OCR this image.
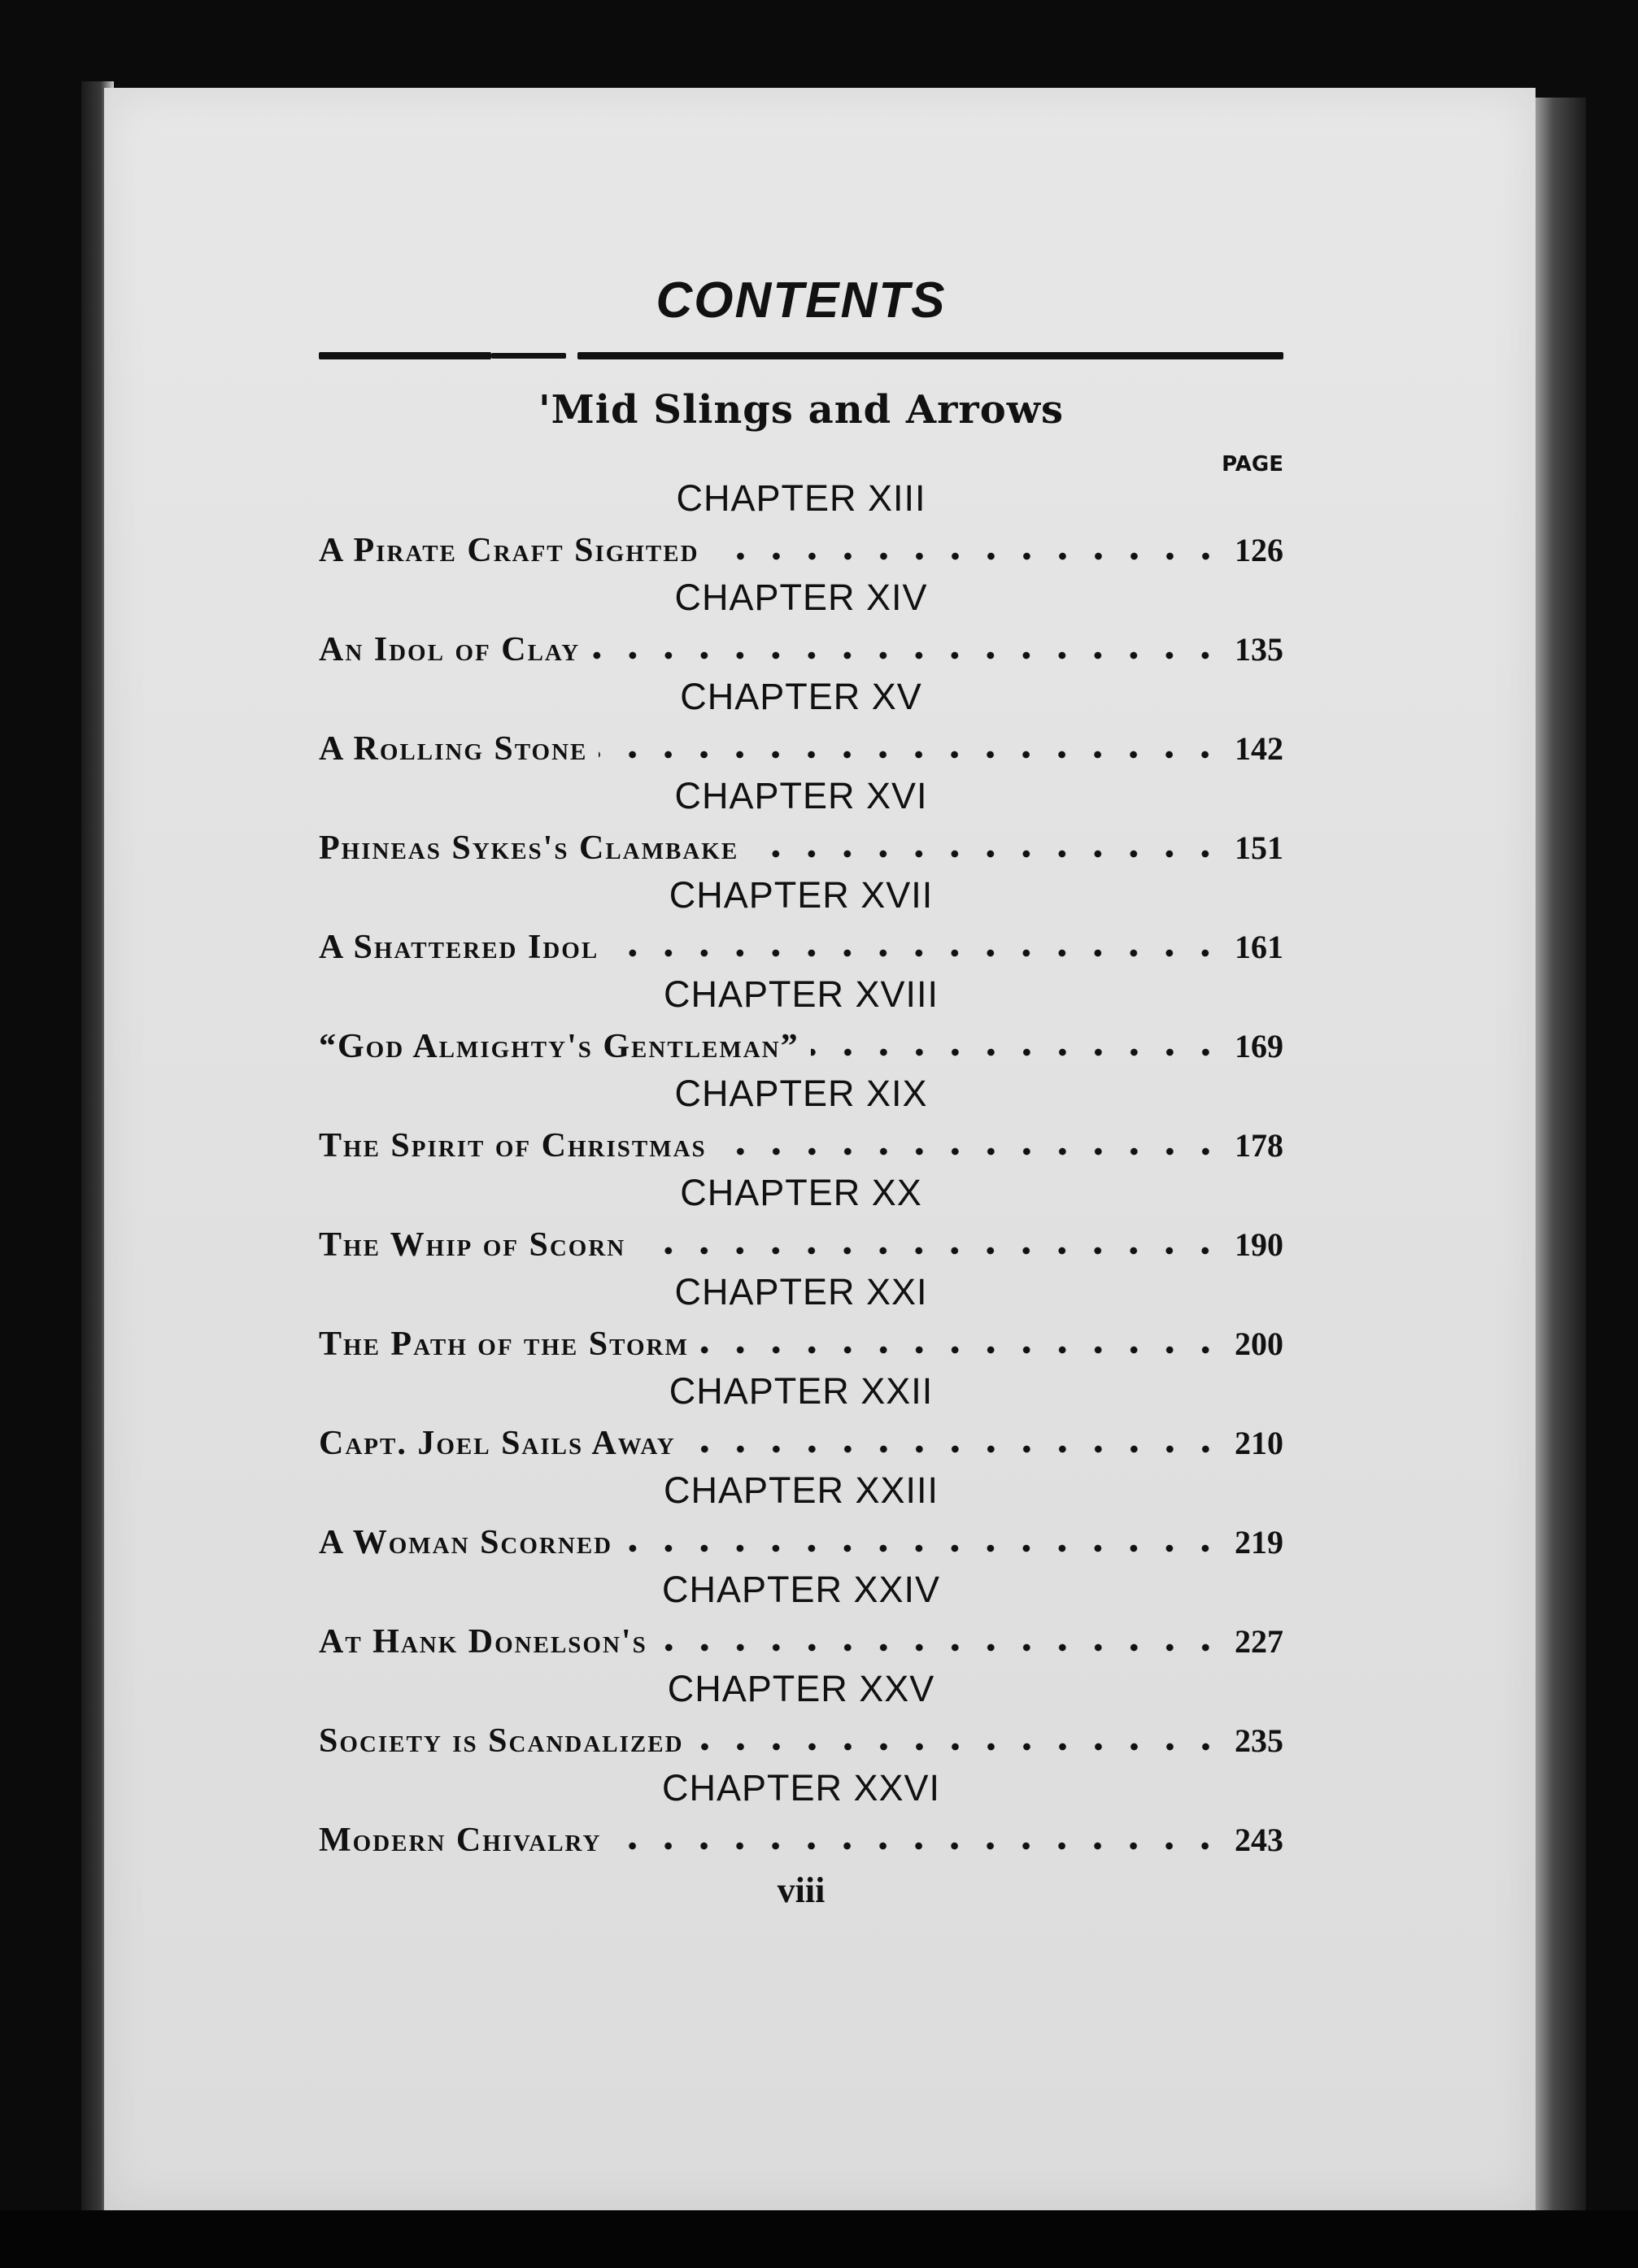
CONTENTS
'Mid Slings and Arrows
PAGE
CHAPTER XIII
A Pirate Craft Sighted	126
CHAPTER XIV
An Idol of Clay	135
CHAPTER XV
A Rolling Stone	142
CHAPTER XVI
Phineas Sykes's Clambake	151
CHAPTER XVII
A Shattered Idol	161
CHAPTER XVIII
“God Almighty's Gentleman”	169
CHAPTER XIX
The Spirit of Christmas	178
CHAPTER XX
The Whip of Scorn	190
CHAPTER XXI
The Path of the Storm	200
CHAPTER XXII
Capt. Joel Sails Away	210
CHAPTER XXIII
A Woman Scorned	219
CHAPTER XXIV
At Hank Donelson's	227
CHAPTER XXV
Society is Scandalized	235
CHAPTER XXVI
Modern Chivalry	243
viii
